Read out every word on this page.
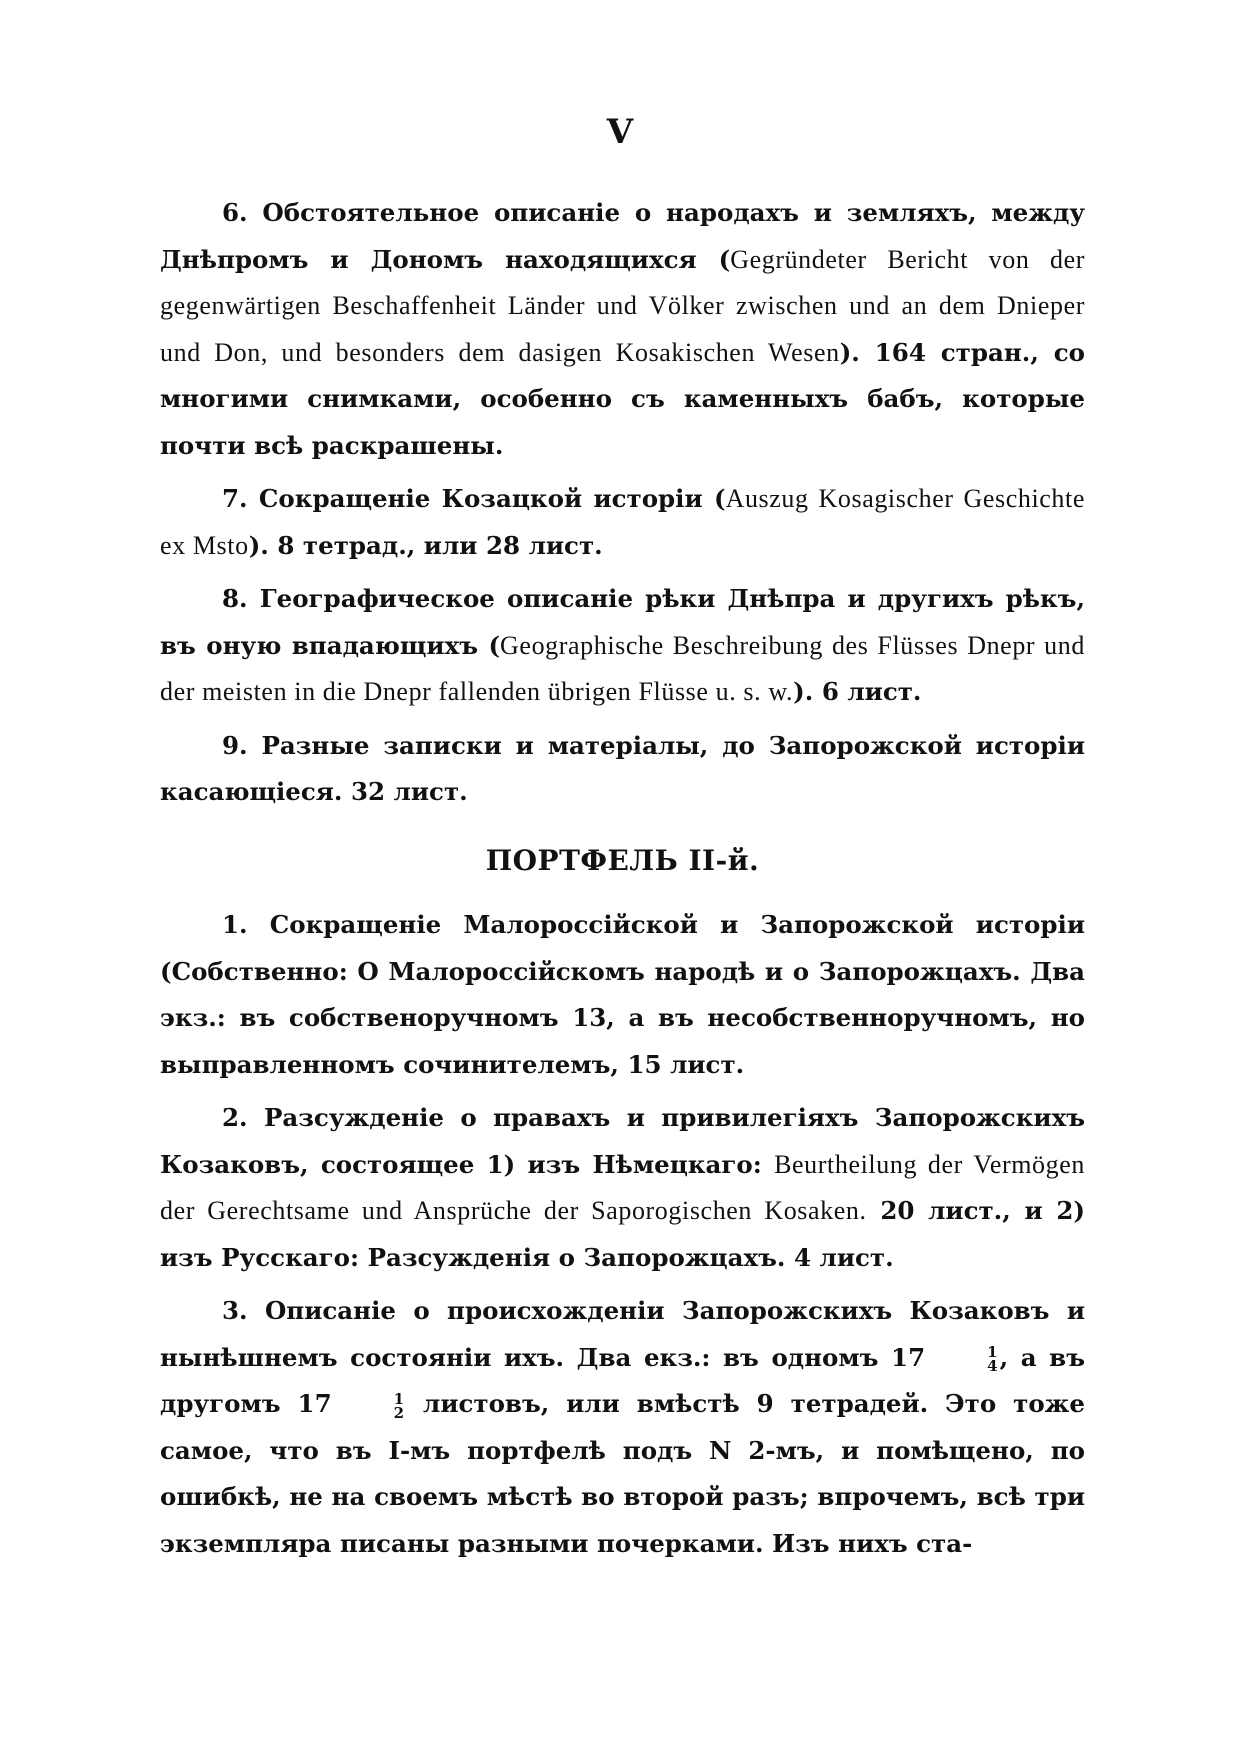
V

6. Обстоятельное описаніе о народахъ и земляхъ, между Днѣпромъ и Дономъ находящихся (Gegründeter Bericht von der gegenwärtigen Beschaffenheit Länder und Völker zwischen und an dem Dnieper und Don, und besonders dem dasigen Kosakischen Wesen). 164 стран., со многими снимками, особенно съ каменныхъ бабъ, которые почти всѣ раскрашены.

7. Сокращеніе Козацкой исторіи (Auszug Kosagischer Geschichte ex Msto). 8 тетрад., или 28 лист.

8. Географическое описаніе рѣки Днѣпра и другихъ рѣкъ, въ оную впадающихъ (Geographische Beschreibung des Flüsses Dnepr und der meisten in die Dnepr fallenden übrigen Flüsse u. s. w.). 6 лист.

9. Разные записки и матеріалы, до Запорожской исторіи касающіеся. 32 лист.

ПОРТФЕЛЬ II-й.

1. Сокращеніе Малороссійской и Запорожской исторіи (Собственно: О Малороссійскомъ народѣ и о Запорожцахъ. Два экз.: въ собственоручномъ 13, а въ несобственноручномъ, но выправленномъ сочинителемъ, 15 лист.

2. Разсужденіе о правахъ и привилегіяхъ Запорожскихъ Козаковъ, состоящее 1) изъ Нѣмецкаго: Beurtheilung der Vermögen der Gerechtsame und Ansprüche der Saporogischen Kosaken. 20 лист., и 2) изъ Русскаго: Разсужденія о Запорожцахъ. 4 лист.

3. Описаніе о происхожденіи Запорожскихъ Козаковъ и нынѣшнемъ состояніи ихъ. Два екз.: въ одномъ 17	1
4 , а въ другомъ 17	1
2 листовъ, или вмѣстѣ 9 тетрадей. Это тоже самое, что въ I-мъ портфелѣ подъ N 2-мъ, и помѣщено, по ошибкѣ, не на своемъ мѣстѣ во второй разъ; впрочемъ, всѣ три экземпляра писаны разными почерками. Изъ нихъ ста-
